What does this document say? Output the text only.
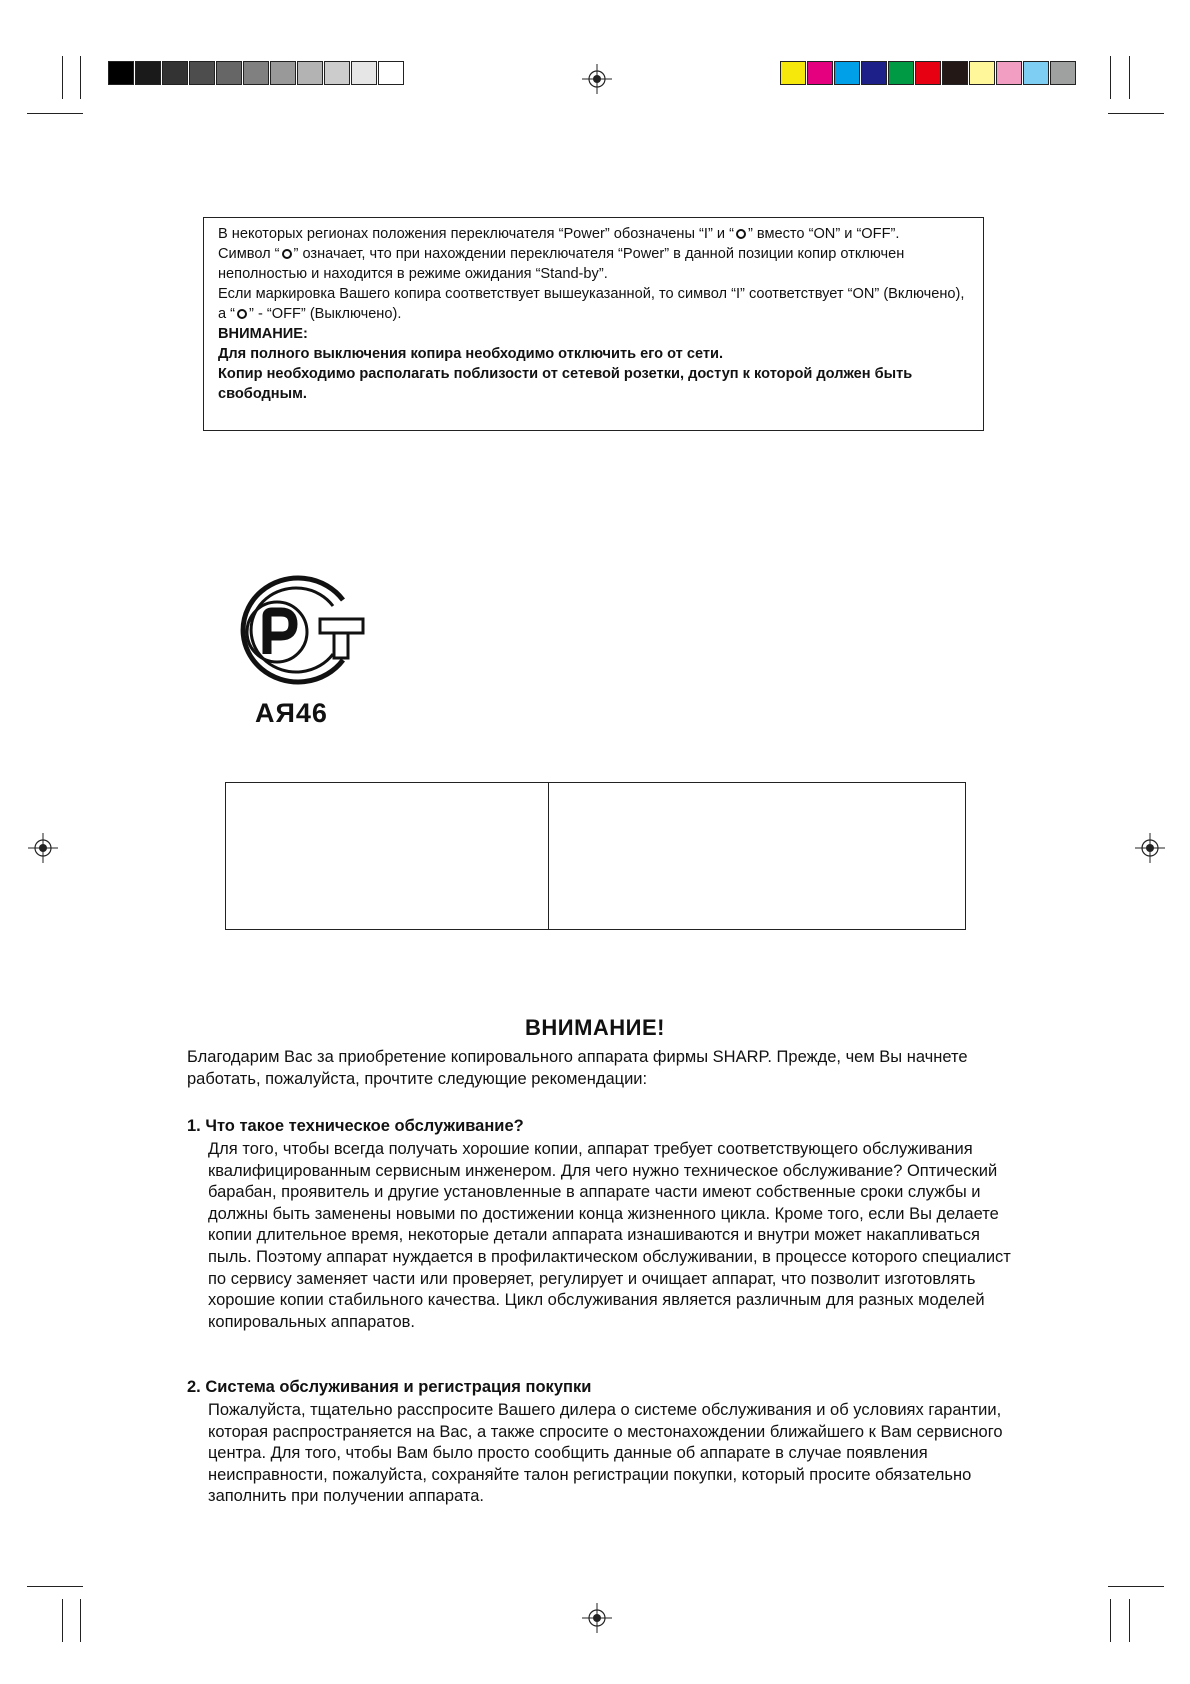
В некоторых регионах положения переключателя “Power” обозначены “I” и “ ” вместо “ON” и “OFF”.

Символ “ ” означает, что при нахождении переключателя “Power” в данной позиции копир отключен неполностью и находится в режиме ожидания “Stand-by”.

Если маркировка Вашего копира соответствует вышеуказанной, то символ “I” соответствует “ON” (Включено), а “ ” - “OFF” (Выключено).

ВНИМАНИЕ:

Для полного выключения копира необходимо отключить его от сети.

Копир необходимо располагать поблизости от сетевой розетки, доступ к которой должен быть свободным.

АЯ46
ВНИМАНИЕ!

Благодарим Вас за приобретение копировального аппарата фирмы SHARP. Прежде, чем Вы начнете работать, пожалуйста, прочтите следующие рекомендации:

1. Что такое техническое обслуживание?

Для того, чтобы всегда получать хорошие копии, аппарат требует соответствующего обслуживания квалифицированным сервисным инженером. Для чего нужно техническое обслуживание? Оптический барабан, проявитель и другие установленные в аппарате части имеют собственные сроки службы и должны быть заменены новыми по достижении конца жизненного цикла. Кроме того, если Вы делаете копии длительное время, некоторые детали аппарата изнашиваются и внутри может накапливаться пыль. Поэтому аппарат нуждается в профилактическом обслуживании, в процессе которого специалист по сервису заменяет части или проверяет, регулирует и очищает аппарат, что позволит изготовлять хорошие копии стабильного качества. Цикл обслуживания является различным для разных моделей копировальных аппаратов.

2. Система обслуживания и регистрация покупки

Пожалуйста, тщательно расспросите Вашего дилера о системе обслуживания и об условиях гарантии, которая распространяется на Вас, а также спросите о местонахождении ближайшего к Вам сервисного центра. Для того, чтобы Вам было просто сообщить данные об аппарате в случае появления неисправности, пожалуйста, сохраняйте талон регистрации покупки, который просите обязательно заполнить при получении аппарата.
